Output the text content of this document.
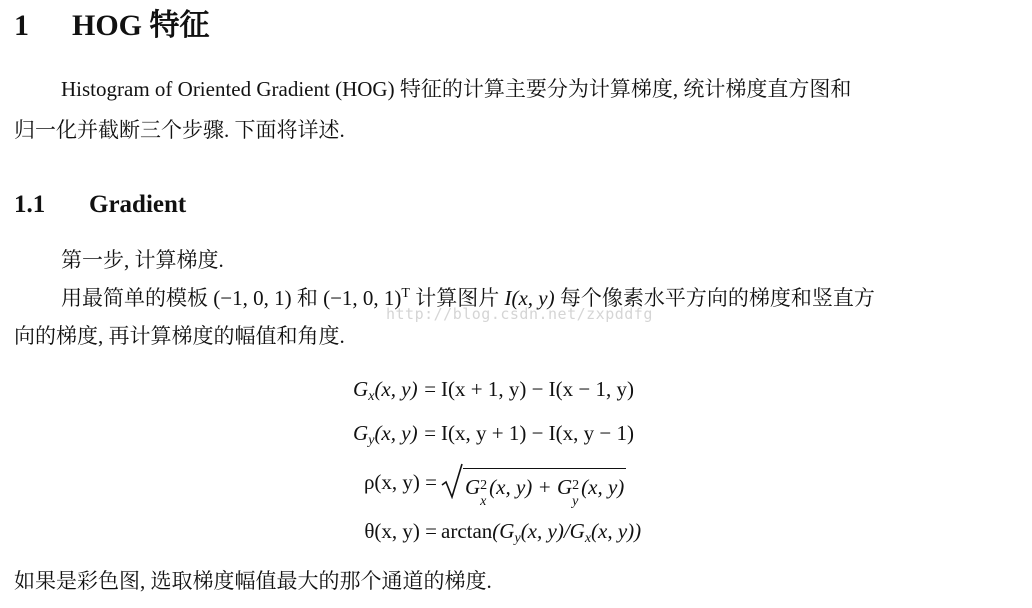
1 HOG 特征
Histogram of Oriented Gradient (HOG) 特征的计算主要分为计算梯度, 统计梯度直方图和
归一化并截断三个步骤. 下面将详述.
1.1 Gradient
第一步, 计算梯度.
用最简单的模板 (−1, 0, 1) 和 (−1, 0, 1)$^T$ 计算图片 I(x, y) 每个像素水平方向的梯度和竖直方
向的梯度, 再计算梯度的幅值和角度.
http://blog.csdn.net/zxpddfg
$G_x(x$, y) = I(x + 1, y) − I(x − 1, y)
$G_y(x$, y) = I(x, y + 1) − I(x, y − 1)
ρ(x, y) =	G 2
x
(x, y) + G 2
y
(x, y)
θ(x, $y) = \arctan(G_y(x$, $y)/G_x(x$, y))
如果是彩色图, 选取梯度幅值最大的那个通道的梯度.
